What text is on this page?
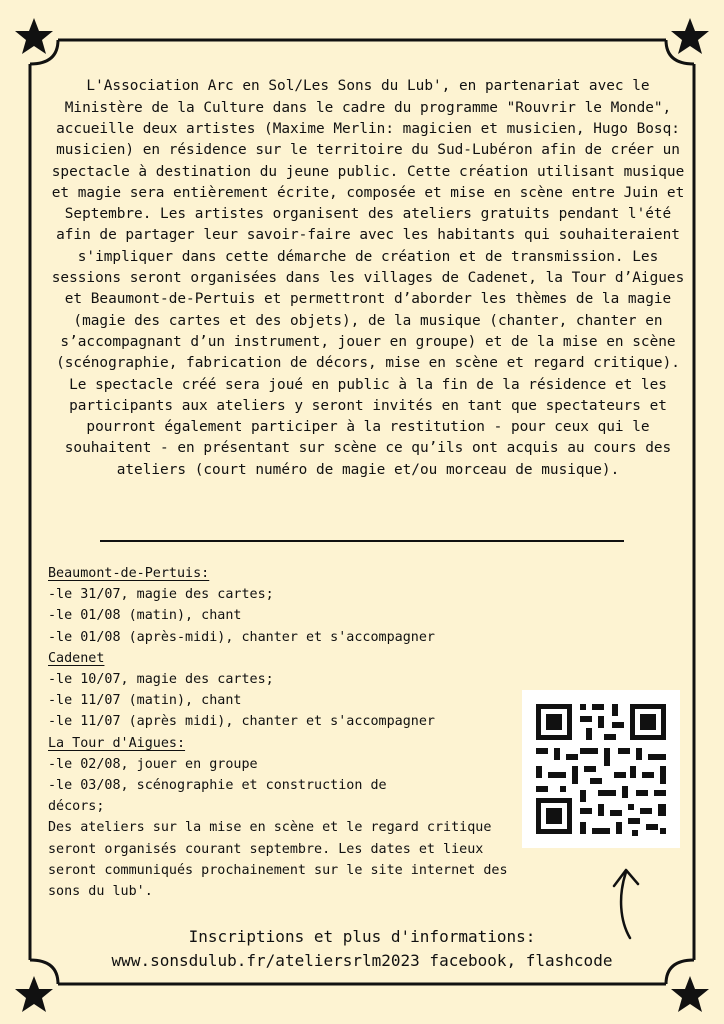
L'Association Arc en Sol/Les Sons du Lub', en partenariat avec le Ministère de la Culture dans le cadre du programme "Rouvrir le Monde", accueille deux artistes (Maxime Merlin: magicien et musicien, Hugo Bosq: musicien) en résidence sur le territoire du Sud-Lubéron afin de créer un spectacle à destination du jeune public. Cette création utilisant musique et magie sera entièrement écrite, composée et mise en scène entre Juin et Septembre. Les artistes organisent des ateliers gratuits pendant l'été afin de partager leur savoir-faire avec les habitants qui souhaiteraient s'impliquer dans cette démarche de création et de transmission. Les sessions seront organisées dans les villages de Cadenet, la Tour d’Aigues et Beaumont-de-Pertuis et permettront d’aborder les thèmes de la magie (magie des cartes et des objets), de la musique (chanter, chanter en s’accompagnant d’un instrument, jouer en groupe) et de la mise en scène (scénographie, fabrication de décors, mise en scène et regard critique). Le spectacle créé sera joué en public à la fin de la résidence et les participants aux ateliers y seront invités en tant que spectateurs et pourront également participer à la restitution - pour ceux qui le souhaitent - en présentant sur scène ce qu’ils ont acquis au cours des ateliers (court numéro de magie et/ou morceau de musique).

Beaumont-de-Pertuis:
-le 31/07, magie des cartes;
-le 01/08 (matin), chant
-le 01/08 (après-midi), chanter et s'accompagner
Cadenet
-le 10/07, magie des cartes;
-le 11/07 (matin), chant
-le 11/07 (après midi), chanter et s'accompagner
La Tour d'Aigues:
-le 02/08, jouer en groupe
-le 03/08, scénographie et construction de
décors;
Des ateliers sur la mise en scène et le regard critique seront organisés courant septembre. Les dates et lieux seront communiqués prochainement sur le site internet des sons du lub'.
Inscriptions et plus d'informations:
www.sonsdulub.fr/ateliersrlm2023 facebook, flashcode
